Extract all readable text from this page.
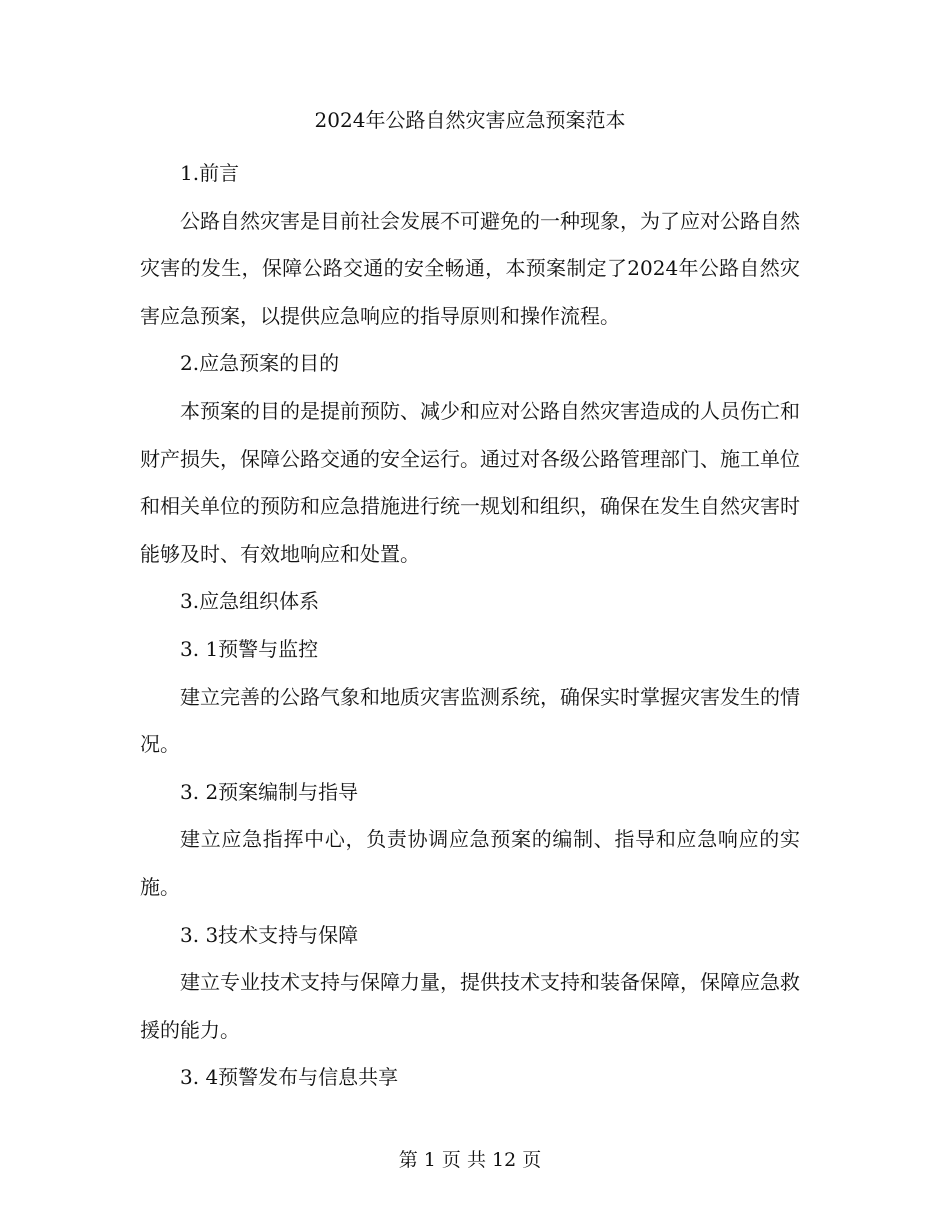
2024年公路自然灾害应急预案范本

1.前言

公路自然灾害是目前社会发展不可避免的一种现象，为了应对公路自然灾害的发生，保障公路交通的安全畅通，本预案制定了2024年公路自然灾害应急预案，以提供应急响应的指导原则和操作流程。

2.应急预案的目的

本预案的目的是提前预防、减少和应对公路自然灾害造成的人员伤亡和财产损失，保障公路交通的安全运行。通过对各级公路管理部门、施工单位和相关单位的预防和应急措施进行统一规划和组织，确保在发生自然灾害时能够及时、有效地响应和处置。

3.应急组织体系

3. 1预警与监控

建立完善的公路气象和地质灾害监测系统，确保实时掌握灾害发生的情况。

3. 2预案编制与指导

建立应急指挥中心，负责协调应急预案的编制、指导和应急响应的实施。

3. 3技术支持与保障

建立专业技术支持与保障力量，提供技术支持和装备保障，保障应急救援的能力。

3. 4预警发布与信息共享

第 1 页 共 12 页
